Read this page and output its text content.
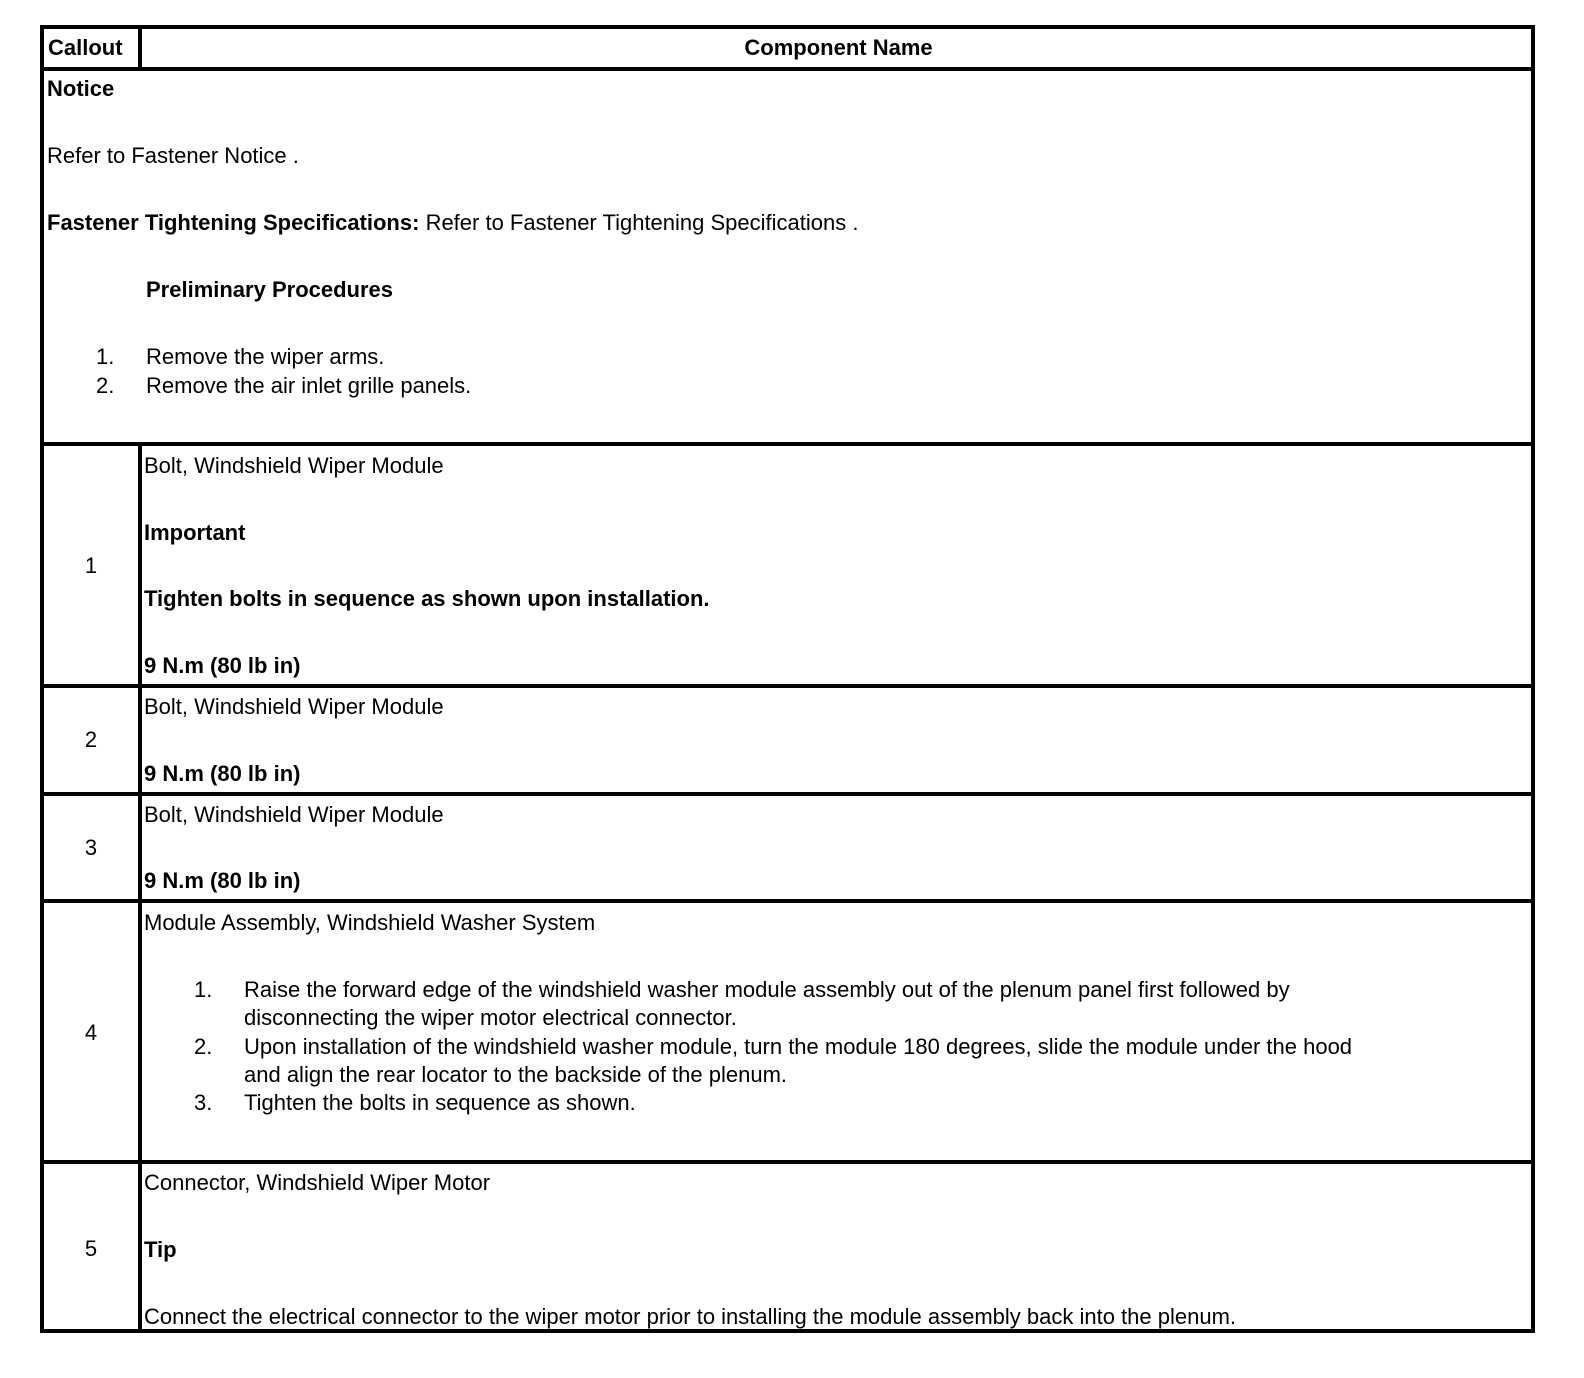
Callout	Component Name
Notice
Refer to Fastener Notice .
Fastener Tightening Specifications: Refer to Fastener Tightening Specifications .
Preliminary Procedures
1. Remove the wiper arms.
2. Remove the air inlet grille panels.
1
Bolt, Windshield Wiper Module
Important
Tighten bolts in sequence as shown upon installation.
9 N.m (80 lb in)
2
Bolt, Windshield Wiper Module
9 N.m (80 lb in)
3
Bolt, Windshield Wiper Module
9 N.m (80 lb in)
4
Module Assembly, Windshield Washer System
1. Raise the forward edge of the windshield washer module assembly out of the plenum panel first followed by
disconnecting the wiper motor electrical connector.
2. Upon installation of the windshield washer module, turn the module 180 degrees, slide the module under the hood
and align the rear locator to the backside of the plenum.
3. Tighten the bolts in sequence as shown.
5
Connector, Windshield Wiper Motor
Tip
Connect the electrical connector to the wiper motor prior to installing the module assembly back into the plenum.
